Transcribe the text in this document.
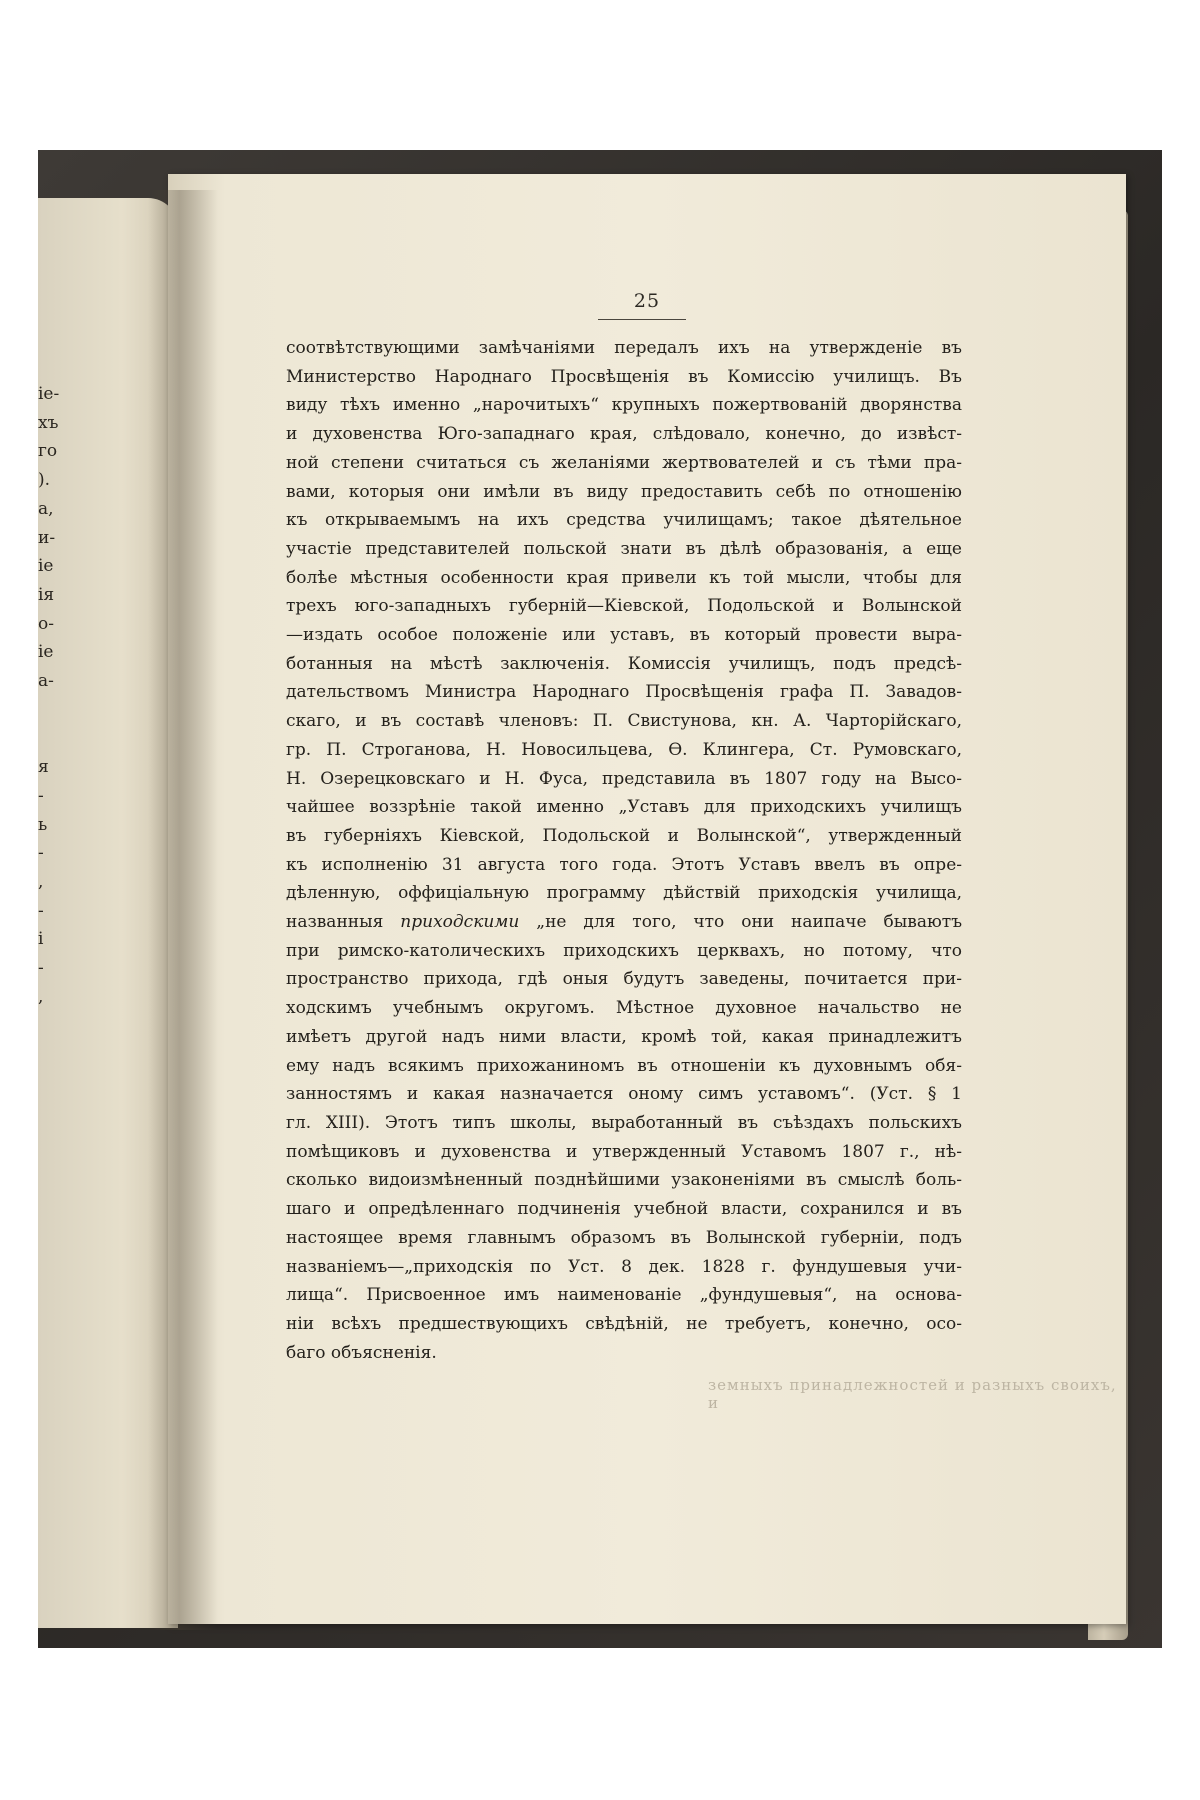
ie-
хъ
го
).
а,
и-
ie
ія
о-
ie
а-

я
-
ь
-
,
-
і
-
,
25
соотвѣтствующими замѣчаніями передалъ ихъ на утвержденіе въ
Министерство Народнаго Просвѣщенія въ Комиссію училищъ. Въ
виду тѣхъ именно „нарочитыхъ“ крупныхъ пожертвованій дворянства
и духовенства Юго-западнаго края, слѣдовало, конечно, до извѣст-
ной степени считаться съ желаніями жертвователей и съ тѣми пра-
вами, которыя они имѣли въ виду предоставить себѣ по отношенію
къ открываемымъ на ихъ средства училищамъ; такое дѣятельное
участіе представителей польской знати въ дѣлѣ образованія, а еще
болѣе мѣстныя особенности края привели къ той мысли, чтобы для
трехъ юго-западныхъ губерній—Кіевской, Подольской и Волынской
—издать особое положеніе или уставъ, въ который провести выра-
ботанныя на мѣстѣ заключенія. Комиссія училищъ, подъ предсѣ-
дательствомъ Министра Народнаго Просвѣщенія графа П. Завадов-
скаго, и въ составѣ членовъ: П. Свистунова, кн. А. Чарторійскаго,
гр. П. Строганова, Н. Новосильцева, Ѳ. Клингера, Ст. Румовскаго,
Н. Озерецковскаго и Н. Фуса, представила въ 1807 году на Высо-
чайшее воззрѣніе такой именно „Уставъ для приходскихъ училищъ
въ губерніяхъ Кіевской, Подольской и Волынской“, утвержденный
къ исполненію 31 августа того года. Этотъ Уставъ ввелъ въ опре-
дѣленную, оффиціальную программу дѣйствій приходскія училища,
названныя приходскими „не для того, что они наипаче бываютъ
при римско-католическихъ приходскихъ церквахъ, но потому, что
пространство прихода, гдѣ оныя будутъ заведены, почитается при-
ходскимъ учебнымъ округомъ. Мѣстное духовное начальство не
имѣетъ другой надъ ними власти, кромѣ той, какая принадлежитъ
ему надъ всякимъ прихожаниномъ въ отношеніи къ духовнымъ обя-
занностямъ и какая назначается оному симъ уставомъ“. (Уст. § 1
гл. XIII). Этотъ типъ школы, выработанный въ съѣздахъ польскихъ
помѣщиковъ и духовенства и утвержденный Уставомъ 1807 г., нѣ-
сколько видоизмѣненный позднѣйшими узаконеніями въ смыслѣ боль-
шаго и опредѣленнаго подчиненія учебной власти, сохранился и въ
настоящее время главнымъ образомъ въ Волынской губерніи, подъ
названіемъ—„приходскія по Уст. 8 дек. 1828 г. фундушевыя учи-
лища“. Присвоенное имъ наименованіе „фундушевыя“, на основа-
ніи всѣхъ предшествующихъ свѣдѣній, не требуетъ, конечно, осо-
баго объясненія.
земныхъ принадлежностей и разныхъ своихъ, и
